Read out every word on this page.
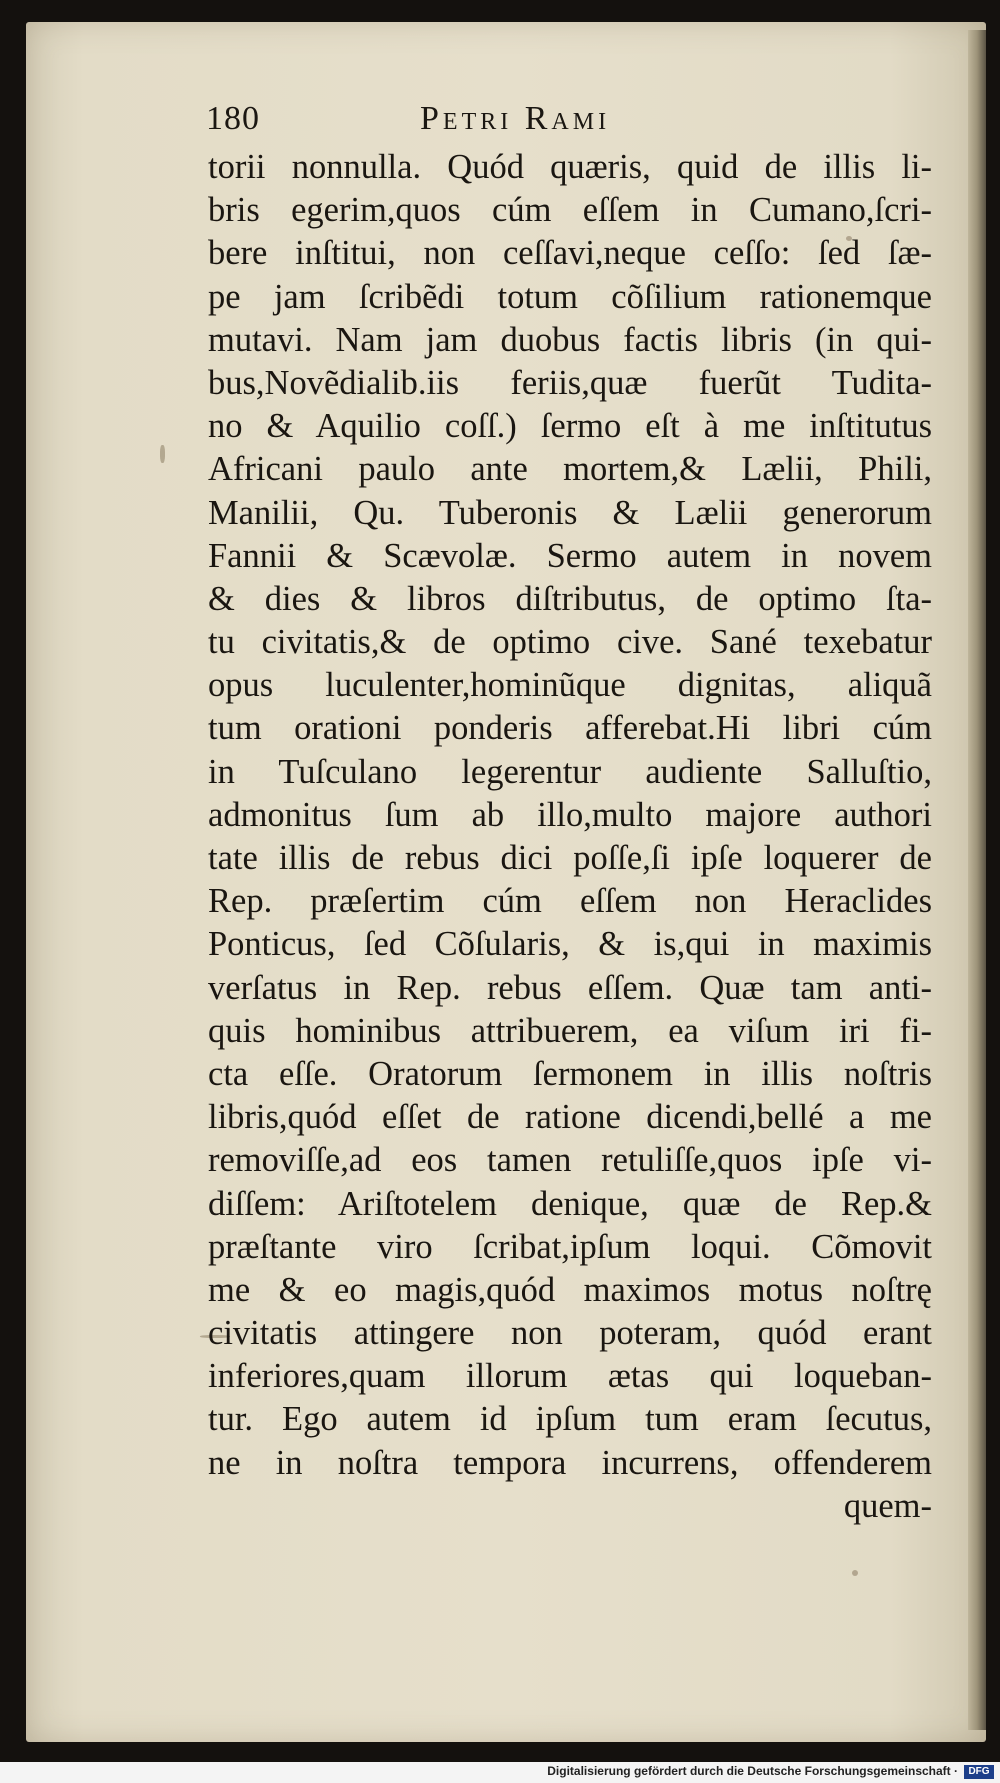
180	Petri Rami
torii nonnulla. Quód quæris, quid de illis li-
bris egerim,quos cúm eſſem in Cumano,ſcri-
bere inſtitui, non ceſſavi,neque ceſſo: ſed ſæ-
pe jam ſcribẽdi totum cõſilium rationemque
mutavi. Nam jam duobus factis libris (in qui-
bus,Novẽdialib.iis feriis,quæ fuerũt Tudita-
no & Aquilio coſſ.) ſermo eſt à me inſtitutus
Africani paulo ante mortem,& Lælii, Phili,
Manilii, Qu. Tuberonis & Lælii generorum
Fannii & Scævolæ. Sermo autem in novem
& dies & libros diſtributus, de optimo ſta-
tu civitatis,& de optimo cive. Sané texebatur
opus luculenter,hominũque dignitas, aliquã
tum orationi ponderis afferebat.Hi libri cúm
in Tuſculano legerentur audiente Salluſtio,
admonitus ſum ab illo,multo majore authori
tate illis de rebus dici poſſe,ſi ipſe loquerer de
Rep. præſertim cúm eſſem non Heraclides
Ponticus, ſed Cõſularis, & is,qui in maximis
verſatus in Rep. rebus eſſem. Quæ tam anti-
quis hominibus attribuerem, ea viſum iri fi-
cta eſſe. Oratorum ſermonem in illis noſtris
libris,quód eſſet de ratione dicendi,bellé a me
removiſſe,ad eos tamen retuliſſe,quos ipſe vi-
diſſem: Ariſtotelem denique, quæ de Rep.&
præſtante viro ſcribat,ipſum loqui. Cõmovit
me & eo magis,quód maximos motus noſtrę
civitatis attingere non poteram, quód erant
inferiores,quam illorum ætas qui loqueban-
tur. Ego autem id ipſum tum eram ſecutus,
ne in noſtra tempora incurrens, offenderem
quem-
Digitalisierung gefördert durch die Deutsche Forschungsgemeinschaft ·	DFG
